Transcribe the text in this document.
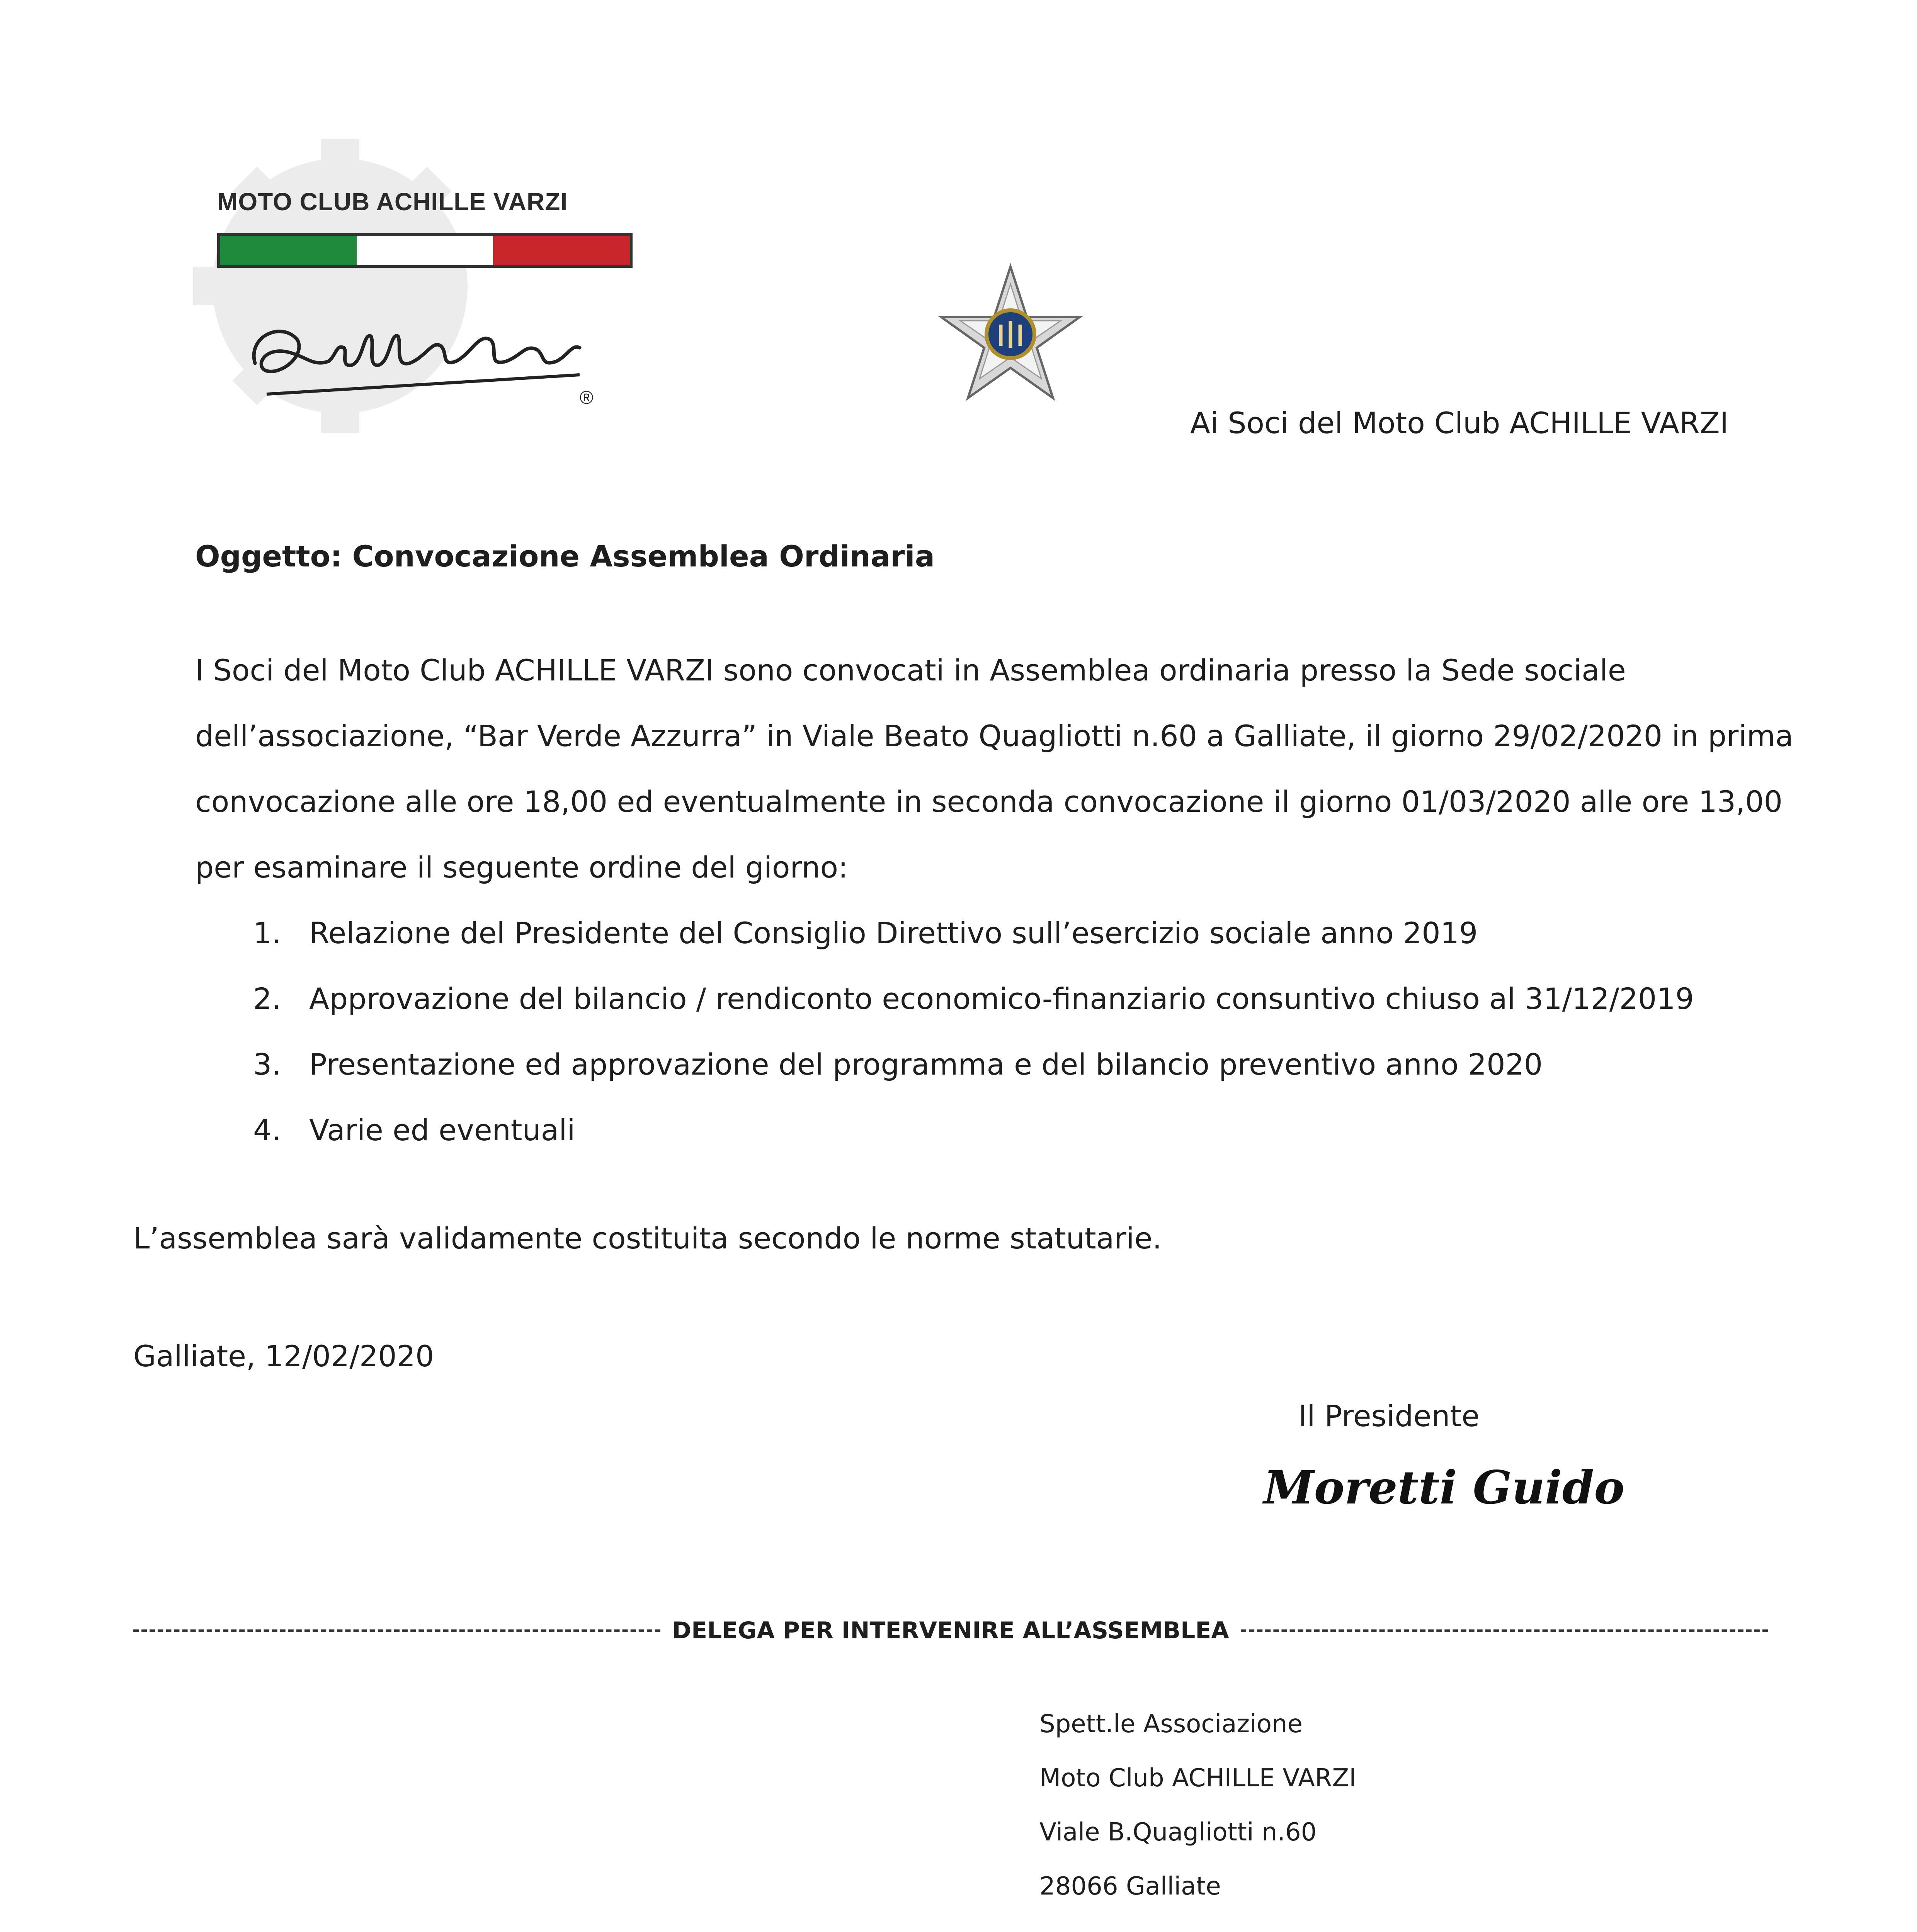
MOTO CLUB ACHILLE VARZI
®
Ai Soci del Moto Club ACHILLE VARZI
Oggetto: Convocazione Assemblea Ordinaria
I Soci del Moto Club ACHILLE VARZI sono convocati in Assemblea ordinaria presso la Sede sociale
dell’associazione, “Bar Verde Azzurra” in Viale Beato Quagliotti n.60 a Galliate, il giorno 29/02/2020 in prima
convocazione alle ore 18,00 ed eventualmente in seconda convocazione il giorno 01/03/2020 alle ore 13,00
per esaminare il seguente ordine del giorno:
1. Relazione del Presidente del Consiglio Direttivo sull’esercizio sociale anno 2019
2. Approvazione del bilancio / rendiconto economico-finanziario consuntivo chiuso al 31/12/2019
3. Presentazione ed approvazione del programma e del bilancio preventivo anno 2020
4. Varie ed eventuali
L’assemblea sarà validamente costituita secondo le norme statutarie.
Galliate, 12/02/2020
Il Presidente
Moretti Guido
DELEGA PER INTERVENIRE ALL’ASSEMBLEA
Spett.le Associazione
Moto Club ACHILLE VARZI
Viale B.Quagliotti n.60
28066 Galliate
